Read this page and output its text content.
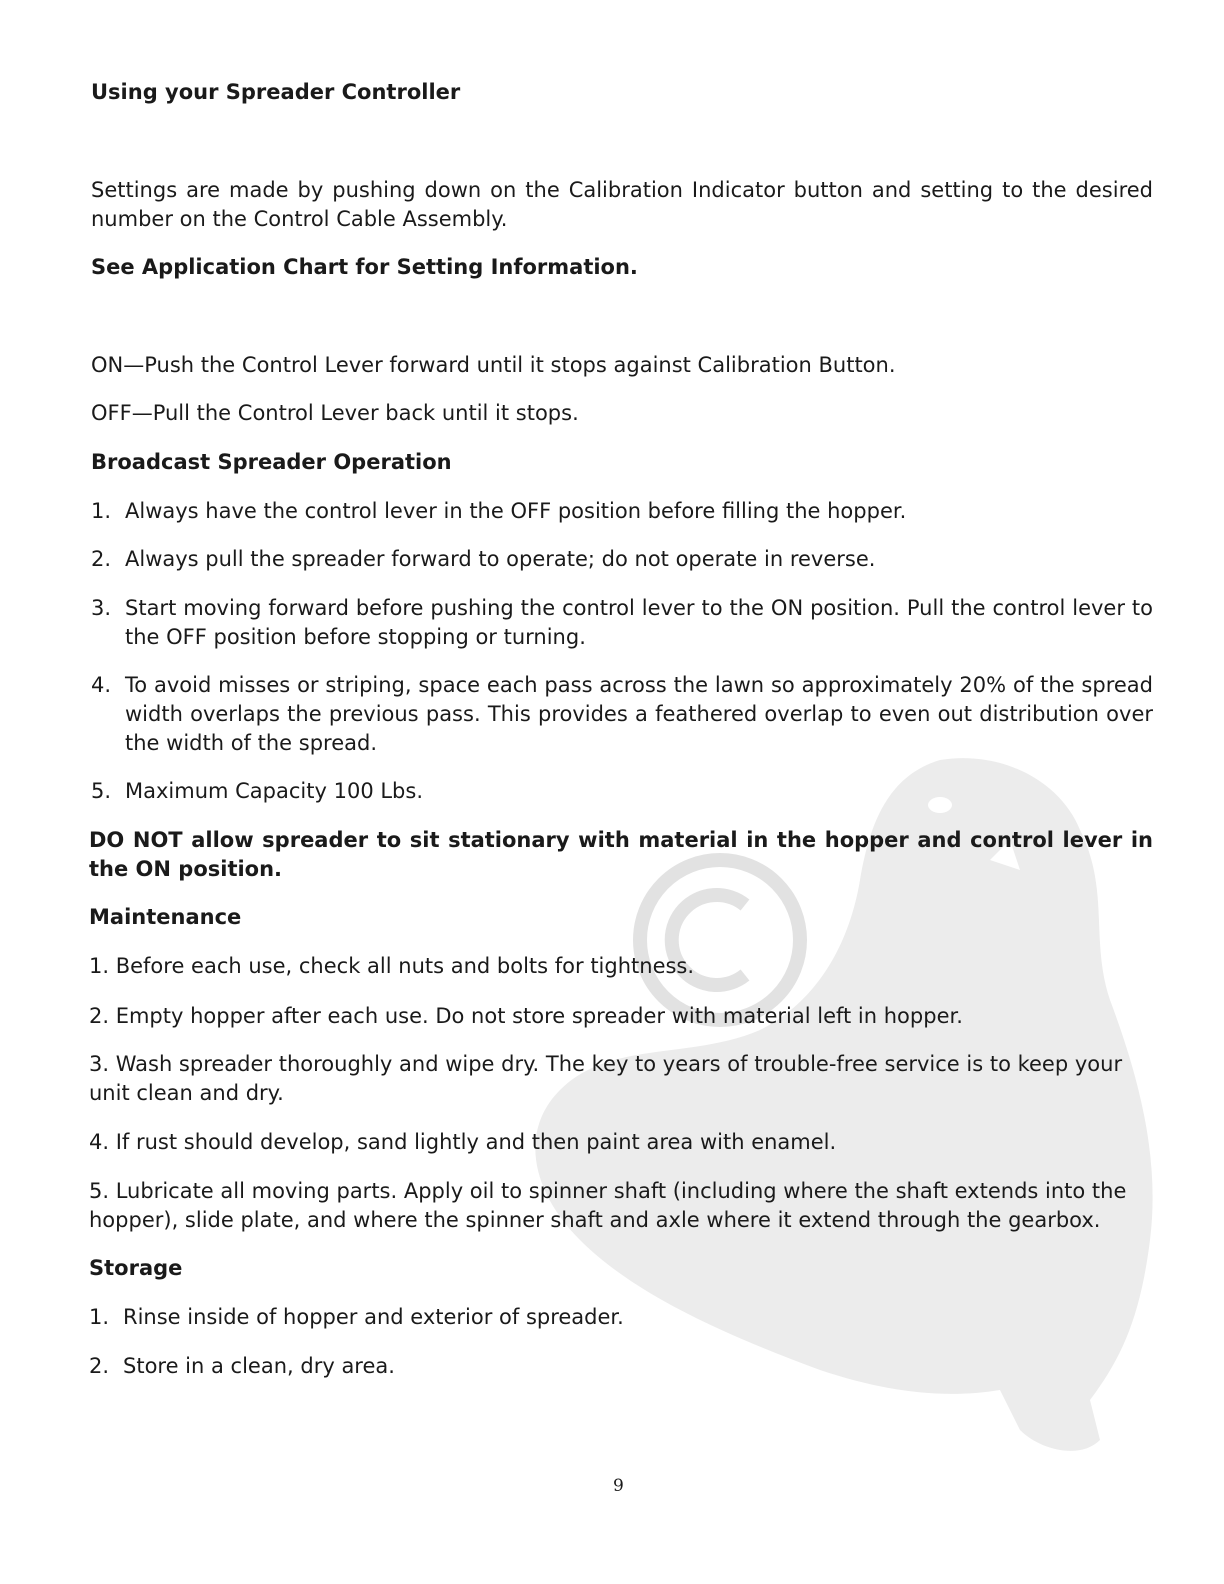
Using your Spreader Controller

Settings are made by pushing down on the Calibration Indicator button and setting to the desired number on the Control Cable Assembly.

See Application Chart for Setting Information.

ON—Push the Control Lever forward until it stops against Calibration Button.

OFF—Pull the Control Lever back until it stops.

Broadcast Spreader Operation

1. Always have the control lever in the OFF position before filling the hopper.

2. Always pull the spreader forward to operate; do not operate in reverse.

3. Start moving forward before pushing the control lever to the ON position. Pull the control lever to the OFF position before stopping or turning.

4. To avoid misses or striping, space each pass across the lawn so approximately 20% of the spread width overlaps the previous pass. This provides a feathered overlap to even out distribution over the width of the spread.

5. Maximum Capacity 100 Lbs.

DO NOT allow spreader to sit stationary with material in the hopper and control lever in the ON position.

Maintenance

1. Before each use, check all nuts and bolts for tightness.

2. Empty hopper after each use. Do not store spreader with material left in hopper.

3. Wash spreader thoroughly and wipe dry. The key to years of trouble-free service is to keep your unit clean and dry.

4. If rust should develop, sand lightly and then paint area with enamel.

5. Lubricate all moving parts. Apply oil to spinner shaft (including where the shaft extends into the hopper), slide plate, and where the spinner shaft and axle where it extend through the gearbox.

Storage

1. Rinse inside of hopper and exterior of spreader.

2. Store in a clean, dry area.

9
